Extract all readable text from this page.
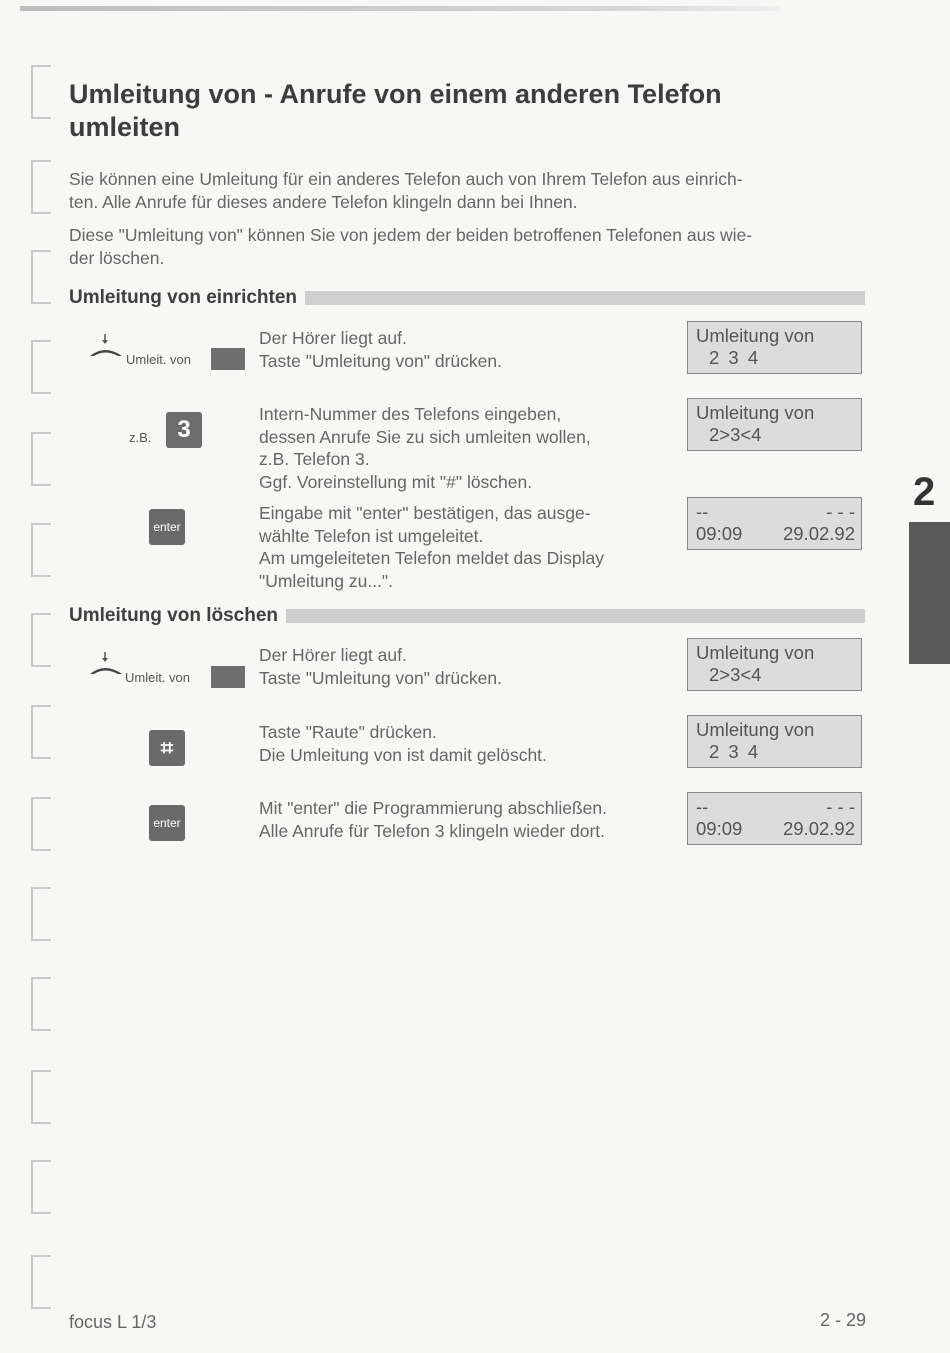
Umleitung von - Anrufe von einem anderen Telefon umleiten

Sie können eine Umleitung für ein anderes Telefon auch von Ihrem Telefon aus einrich-
ten. Alle Anrufe für dieses andere Telefon klingeln dann bei Ihnen.

Diese "Umleitung von" können Sie von jedem der beiden betroffenen Telefonen aus wie-
der löschen.

Umleitung von einrichten
Umleit. von
Der Hörer liegt auf.
Taste "Umleitung von" drücken.
Umleitung von
2 3 4
z.B.	3
Intern-Nummer des Telefons eingeben,
dessen Anrufe Sie zu sich umleiten wollen,
z.B. Telefon 3.
Ggf. Voreinstellung mit "#" löschen.
Umleitung von
2>3<4
enter
Eingabe mit "enter" bestätigen, das ausge-
wählte Telefon ist umgeleitet.
Am umgeleiteten Telefon meldet das Display
"Umleitung zu...".
--	- - -
09:09 29.02.92
Umleitung von löschen
Umleit. von
Der Hörer liegt auf.
Taste "Umleitung von" drücken.
Umleitung von
2>3<4
⌗
Taste "Raute" drücken.
Die Umleitung von ist damit gelöscht.
Umleitung von
2 3 4
enter
Mit "enter" die Programmierung abschließen.
Alle Anrufe für Telefon 3 klingeln wieder dort.
--	- - -
09:09 29.02.92
2
focus L 1/3	2 - 29
